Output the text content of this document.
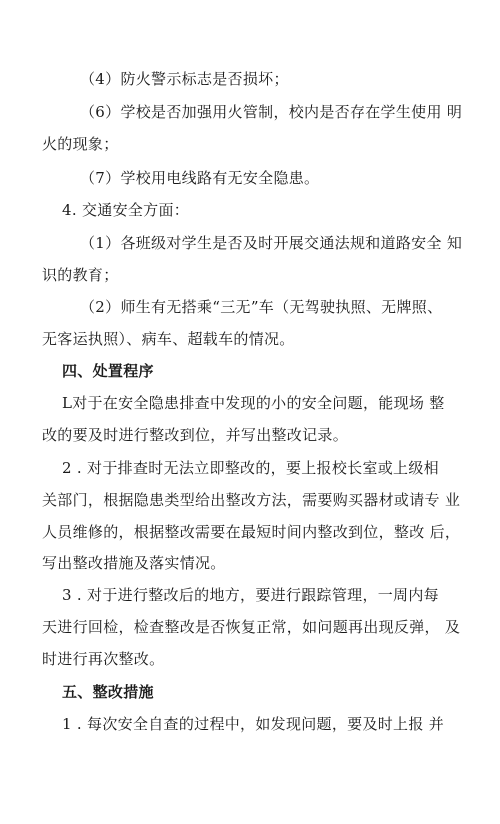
（4）防火警示标志是否损坏；
（6）学校是否加强用火管制，校内是否存在学生使用 明
火的现象；
（7）学校用电线路有无安全隐患。
4. 交通安全方面：
（1）各班级对学生是否及时开展交通法规和道路安全 知
识的教育；
（2）师生有无搭乘“三无”车（无驾驶执照、无牌照、
无客运执照）、病车、超载车的情况。
四、处置程序
L对于在安全隐患排查中发现的小的安全问题，能现场 整
改的要及时进行整改到位，并写出整改记录。
2 . 对于排查时无法立即整改的，要上报校长室或上级相
关部门，根据隐患类型给出整改方法，需要购买器材或请专 业
人员维修的，根据整改需要在最短时间内整改到位，整改 后，
写出整改措施及落实情况。
3 . 对于进行整改后的地方，要进行跟踪管理，一周内每
天进行回检，检查整改是否恢复正常，如问题再出现反弹， 及
时进行再次整改。
五、整改措施
1 . 每次安全自查的过程中，如发现问题，要及时上报 并
